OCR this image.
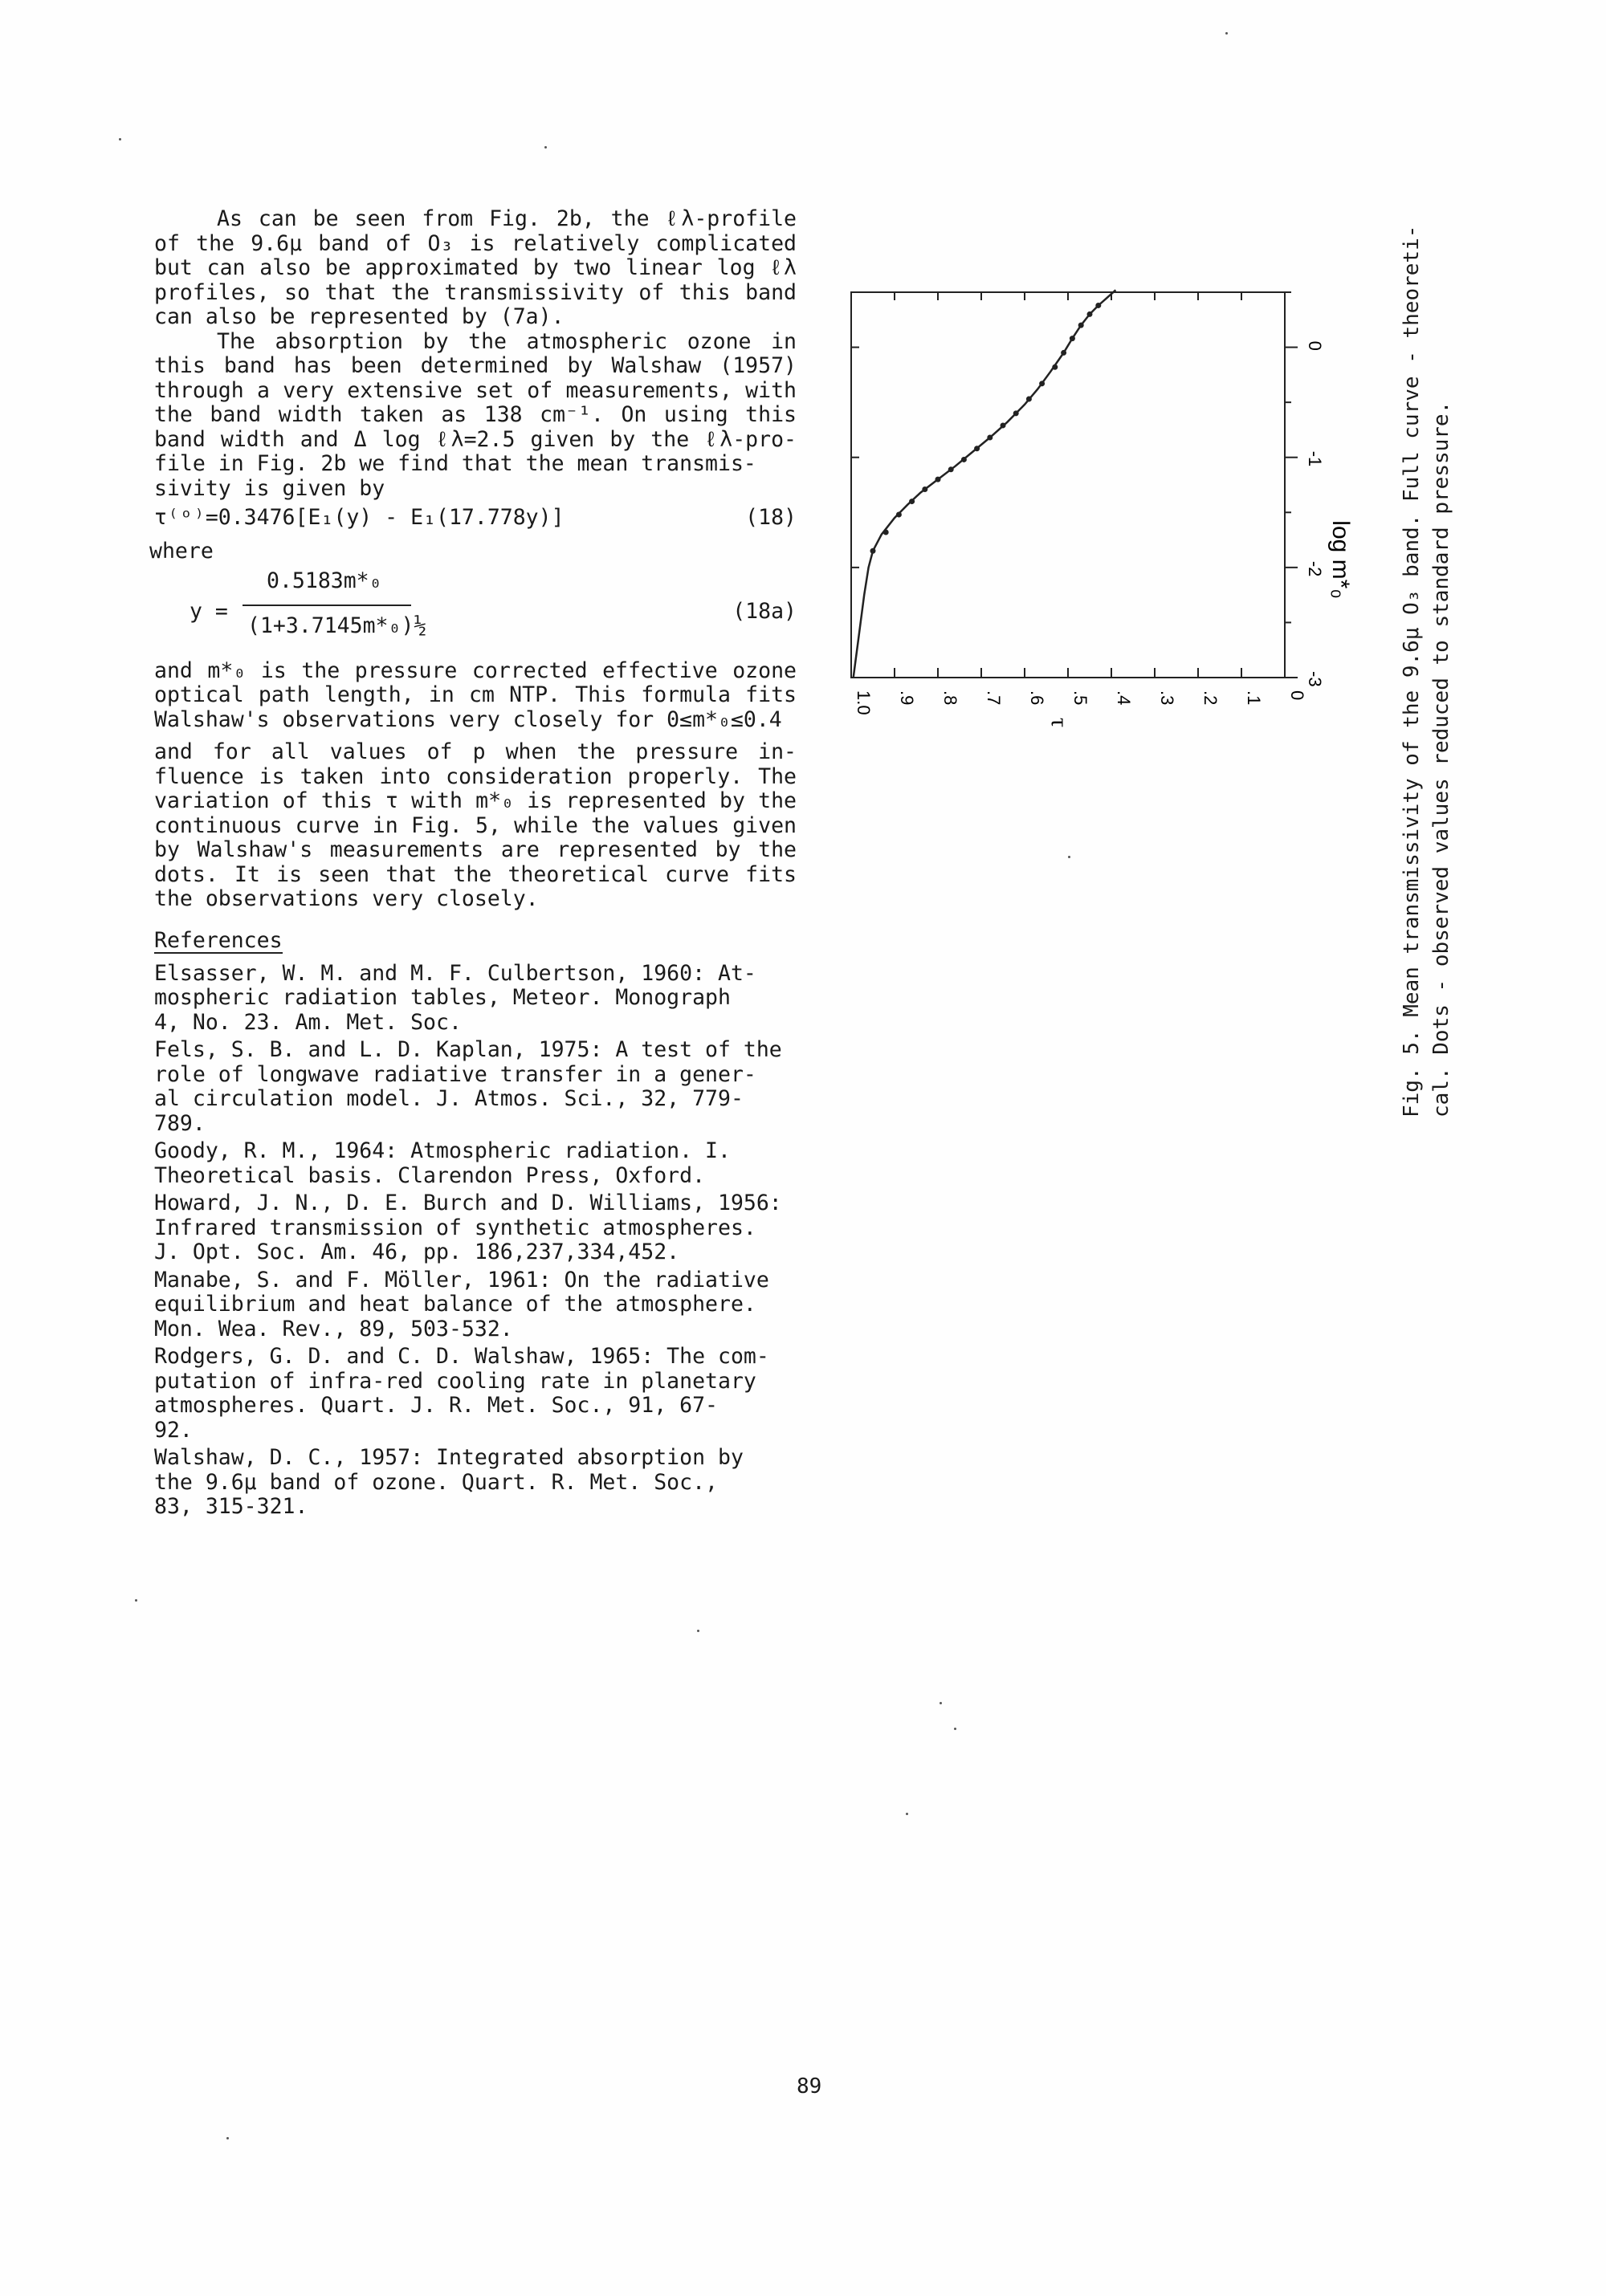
As can be seen from Fig. 2b, the ℓλ-profile

of the 9.6μ band of O₃ is relatively complicated

but can also be approximated by two linear log ℓλ

profiles, so that the transmissivity of this band

can also be represented by (7a).

The absorption by the atmospheric ozone in

this band has been determined by Walshaw (1957)

through a very extensive set of measurements, with

the band width taken as 138 cm⁻¹. On using this

band width and Δ log ℓλ=2.5 given by the ℓλ-pro-

file in Fig. 2b we find that the mean transmis-

sivity is given by

τ⁽ᵒ⁾=0.3476[E₁(y) - E₁(17.778y)]	(18)

where

y =
0.5183m*₀
(1+3.7145m*₀)½
(18a)

and m*₀ is the pressure corrected effective ozone

optical path length, in cm NTP. This formula fits

Walshaw's observations very closely for 0≤m*₀≤0.4

and for all values of p when the pressure in-

fluence is taken into consideration properly. The

variation of this τ with m*₀ is represented by the

continuous curve in Fig. 5, while the values given

by Walshaw's measurements are represented by the

dots. It is seen that the theoretical curve fits

the observations very closely.

References
Elsasser, W. M. and M. F. Culbertson, 1960: At-
mospheric radiation tables, Meteor. Monograph
4, No. 23. Am. Met. Soc.
Fels, S. B. and L. D. Kaplan, 1975: A test of the
role of longwave radiative transfer in a gener-
al circulation model. J. Atmos. Sci., 32, 779-
789.
Goody, R. M., 1964: Atmospheric radiation. I.
Theoretical basis. Clarendon Press, Oxford.
Howard, J. N., D. E. Burch and D. Williams, 1956:
Infrared transmission of synthetic atmospheres.
J. Opt. Soc. Am. 46, pp. 186,237,334,452.
Manabe, S. and F. Möller, 1961: On the radiative
equilibrium and heat balance of the atmosphere.
Mon. Wea. Rev., 89, 503-532.
Rodgers, G. D. and C. D. Walshaw, 1965: The com-
putation of infra-red cooling rate in planetary
atmospheres. Quart. J. R. Met. Soc., 91, 67-
92.
Walshaw, D. C., 1957: Integrated absorption by
the 9.6μ band of ozone. Quart. R. Met. Soc.,
83, 315-321.
1.0 .9 .8 .7 .6 .5 .4 .3 .2 .1 0
0
-1
-2
-3
τ
log m*₀ Fig. 5. Mean transmissivity of the 9.6μ O₃ band. Full curve - theoreti- cal. Dots - observed values reduced to standard pressure.
89
